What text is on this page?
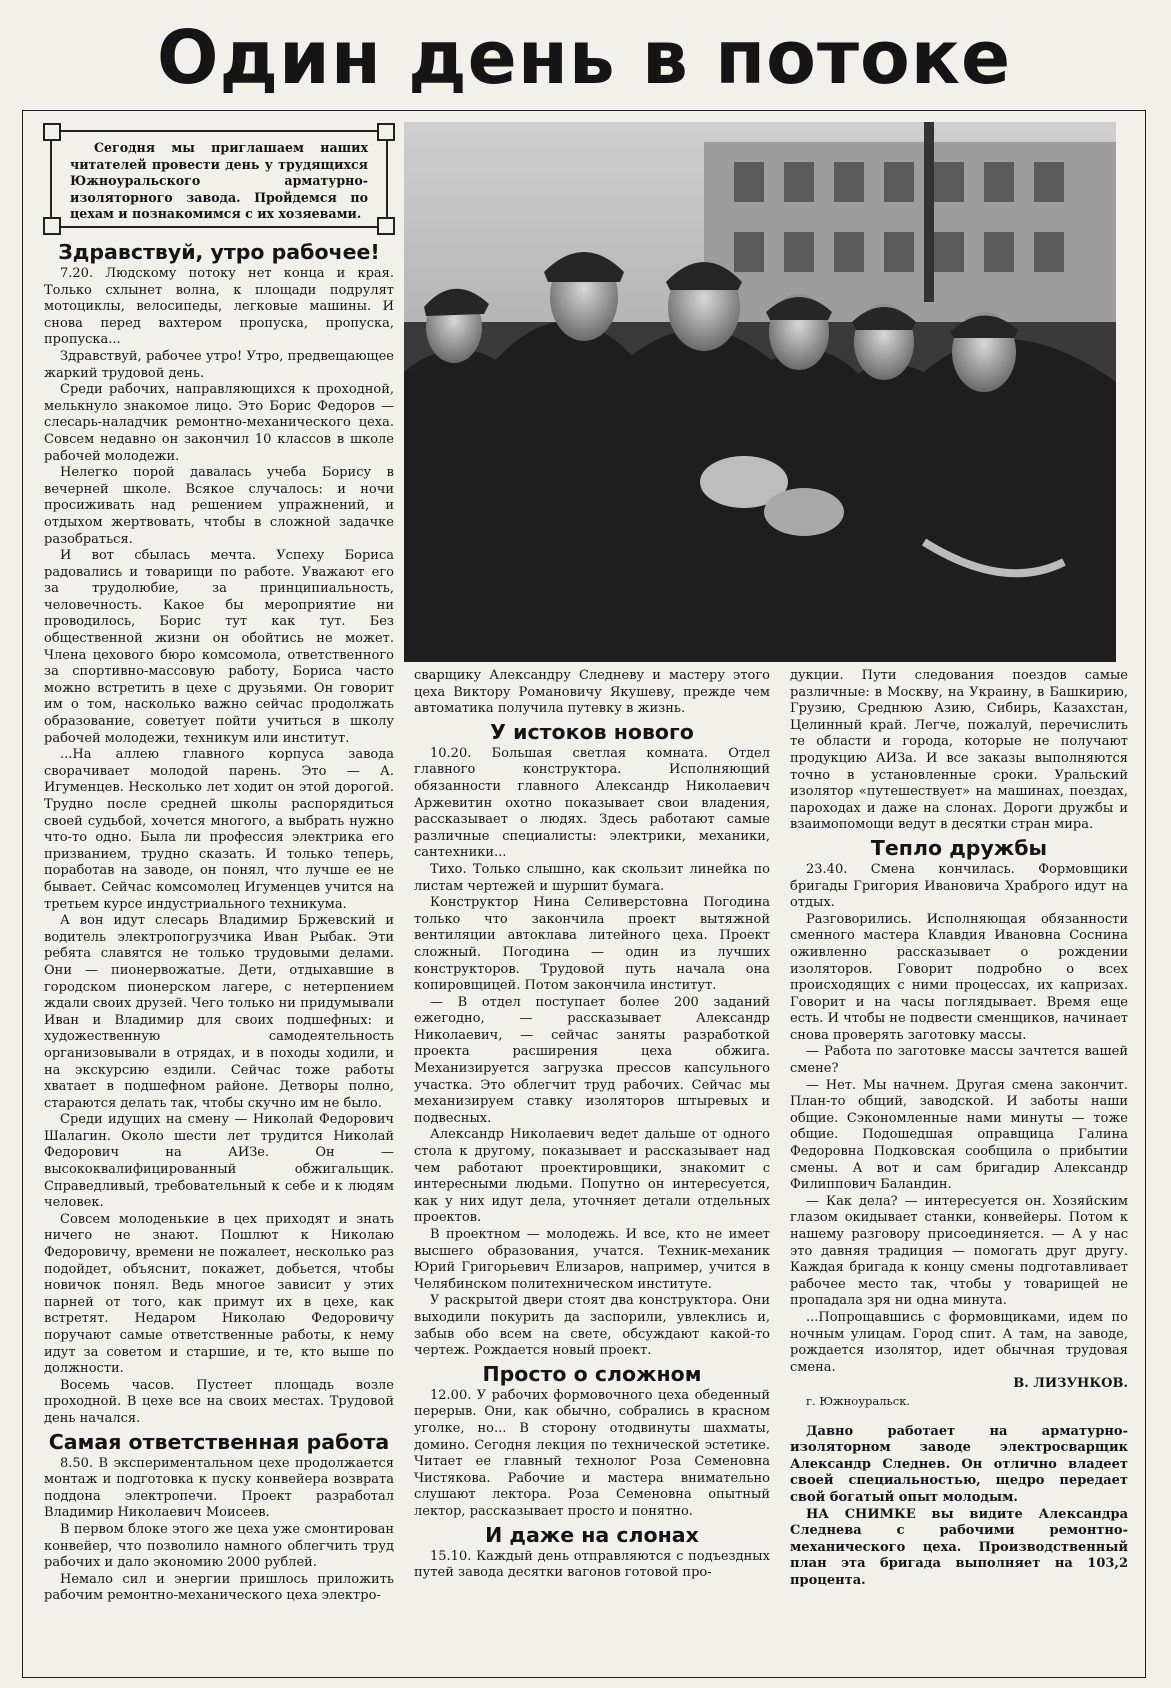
Один день в потоке
Сегодня мы приглашаем наших читателей провести день у трудящихся Южноуральского арматурно-изоляторного завода. Пройдемся по цехам и познакомимся с их хозяевами.

Здравствуй, утро рабочее!

7.20. Людскому потоку нет конца и края. Только схлынет волна, к площади подрулят мотоциклы, велосипеды, легковые машины. И снова перед вахтером пропуска, пропуска, пропуска...

Здравствуй, рабочее утро! Утро, предвещающее жаркий трудовой день.

Среди рабочих, направляющихся к проходной, мелькнуло знакомое лицо. Это Борис Федоров — слесарь-наладчик ремонтно-механического цеха. Совсем недавно он закончил 10 классов в школе рабочей молодежи.

Нелегко порой давалась учеба Борису в вечерней школе. Всякое случалось: и ночи просиживать над решением упражнений, и отдыхом жертвовать, чтобы в сложной задачке разобраться.

И вот сбылась мечта. Успеху Бориса радовались и товарищи по работе. Уважают его за трудолюбие, за принципиальность, человечность. Какое бы мероприятие ни проводилось, Борис тут как тут. Без общественной жизни он обойтись не может. Члена цехового бюро комсомола, ответственного за спортивно-массовую работу, Бориса часто можно встретить в цехе с друзьями. Он говорит им о том, насколько важно сейчас продолжать образование, советует пойти учиться в школу рабочей молодежи, техникум или институт.

...На аллею главного корпуса завода сворачивает молодой парень. Это — А. Игуменцев. Несколько лет ходит он этой дорогой. Трудно после средней школы распорядиться своей судьбой, хочется многого, а выбрать нужно что-то одно. Была ли профессия электрика его призванием, трудно сказать. И только теперь, поработав на заводе, он понял, что лучше ее не бывает. Сейчас комсомолец Игуменцев учится на третьем курсе индустриального техникума.

А вон идут слесарь Владимир Бржевский и водитель электропогрузчика Иван Рыбак. Эти ребята славятся не только трудовыми делами. Они — пионервожатые. Дети, отдыхавшие в городском пионерском лагере, с нетерпением ждали своих друзей. Чего только ни придумывали Иван и Владимир для своих подшефных: и художественную самодеятельность организовывали в отрядах, и в походы ходили, и на экскурсию ездили. Сейчас тоже работы хватает в подшефном районе. Детворы полно, стараются делать так, чтобы скучно им не было.

Среди идущих на смену — Николай Федорович Шалагин. Около шести лет трудится Николай Федорович на АИЗе. Он — высококвалифицированный обжигальщик. Справедливый, требовательный к себе и к людям человек.

Совсем молоденькие в цех приходят и знать ничего не знают. Пошлют к Николаю Федоровичу, времени не пожалеет, несколько раз подойдет, объяснит, покажет, добьется, чтобы новичок понял. Ведь многое зависит у этих парней от того, как примут их в цехе, как встретят. Недаром Николаю Федоровичу поручают самые ответственные работы, к нему идут за советом и старшие, и те, кто выше по должности.

Восемь часов. Пустеет площадь возле проходной. В цехе все на своих местах. Трудовой день начался.

Самая ответственная работа

8.50. В экспериментальном цехе продолжается монтаж и подготовка к пуску конвейера возврата поддона электропечи. Проект разработал Владимир Николаевич Моисеев.

В первом блоке этого же цеха уже смонтирован конвейер, что позволило намного облегчить труд рабочих и дало экономию 2000 рублей.

Немало сил и энергии пришлось приложить рабочим ремонтно-механического цеха электро-

сварщику Александру Следневу и мастеру этого цеха Виктору Романовичу Якушеву, прежде чем автоматика получила путевку в жизнь.

У истоков нового

10.20. Большая светлая комната. Отдел главного конструктора. Исполняющий обязанности главного Александр Николаевич Аржевитин охотно показывает свои владения, рассказывает о людях. Здесь работают самые различные специалисты: электрики, механики, сантехники...

Тихо. Только слышно, как скользит линейка по листам чертежей и шуршит бумага.

Конструктор Нина Селиверстовна Погодина только что закончила проект вытяжной вентиляции автоклава литейного цеха. Проект сложный. Погодина — один из лучших конструкторов. Трудовой путь начала она копировщицей. Потом закончила институт.

— В отдел поступает более 200 заданий ежегодно, — рассказывает Александр Николаевич, — сейчас заняты разработкой проекта расширения цеха обжига. Механизируется загрузка прессов капсульного участка. Это облегчит труд рабочих. Сейчас мы механизируем ставку изоляторов штыревых и подвесных.

Александр Николаевич ведет дальше от одного стола к другому, показывает и рассказывает над чем работают проектировщики, знакомит с интересными людьми. Попутно он интересуется, как у них идут дела, уточняет детали отдельных проектов.

В проектном — молодежь. И все, кто не имеет высшего образования, учатся. Техник-механик Юрий Григорьевич Елизаров, например, учится в Челябинском политехническом институте.

У раскрытой двери стоят два конструктора. Они выходили покурить да заспорили, увлеклись и, забыв обо всем на свете, обсуждают какой-то чертеж. Рождается новый проект.

Просто о сложном

12.00. У рабочих формовочного цеха обеденный перерыв. Они, как обычно, собрались в красном уголке, но... В сторону отодвинуты шахматы, домино. Сегодня лекция по технической эстетике. Читает ее главный технолог Роза Семеновна Чистякова. Рабочие и мастера внимательно слушают лектора. Роза Семеновна опытный лектор, рассказывает просто и понятно.

И даже на слонах

15.10. Каждый день отправляются с подъездных путей завода десятки вагонов готовой про-

дукции. Пути следования поездов самые различные: в Москву, на Украину, в Башкирию, Грузию, Среднюю Азию, Сибирь, Казахстан, Целинный край. Легче, пожалуй, перечислить те области и города, которые не получают продукцию АИЗа. И все заказы выполняются точно в установленные сроки. Уральский изолятор «путешествует» на машинах, поездах, пароходах и даже на слонах. Дороги дружбы и взаимопомощи ведут в десятки стран мира.

Тепло дружбы

23.40. Смена кончилась. Формовщики бригады Григория Ивановича Храброго идут на отдых.

Разговорились. Исполняющая обязанности сменного мастера Клавдия Ивановна Соснина оживленно рассказывает о рождении изоляторов. Говорит подробно о всех происходящих с ними процессах, их капризах. Говорит и на часы поглядывает. Время еще есть. И чтобы не подвести сменщиков, начинает снова проверять заготовку массы.

— Работа по заготовке массы зачтется вашей смене?

— Нет. Мы начнем. Другая смена закончит. План-то общий, заводской. И заботы наши общие. Сэкономленные нами минуты — тоже общие. Подошедшая оправщица Галина Федоровна Подковская сообщила о прибытии смены. А вот и сам бригадир Александр Филиппович Баландин.

— Как дела? — интересуется он. Хозяйским глазом окидывает станки, конвейеры. Потом к нашему разговору присоединяется. — А у нас это давняя традиция — помогать друг другу. Каждая бригада к концу смены подготавливает рабочее место так, чтобы у товарищей не пропадала зря ни одна минута.

...Попрощавшись с формовщиками, идем по ночным улицам. Город спит. А там, на заводе, рождается изолятор, идет обычная трудовая смена.

В. ЛИЗУНКОВ.

г. Южноуральск.

Давно работает на арматурно-изоляторном заводе электросварщик Александр Следнев. Он отлично владеет своей специальностью, щедро передает свой богатый опыт молодым.

НА СНИМКЕ вы видите Александра Следнева с рабочими ремонтно-механического цеха. Производственный план эта бригада выполняет на 103,2 процента.
